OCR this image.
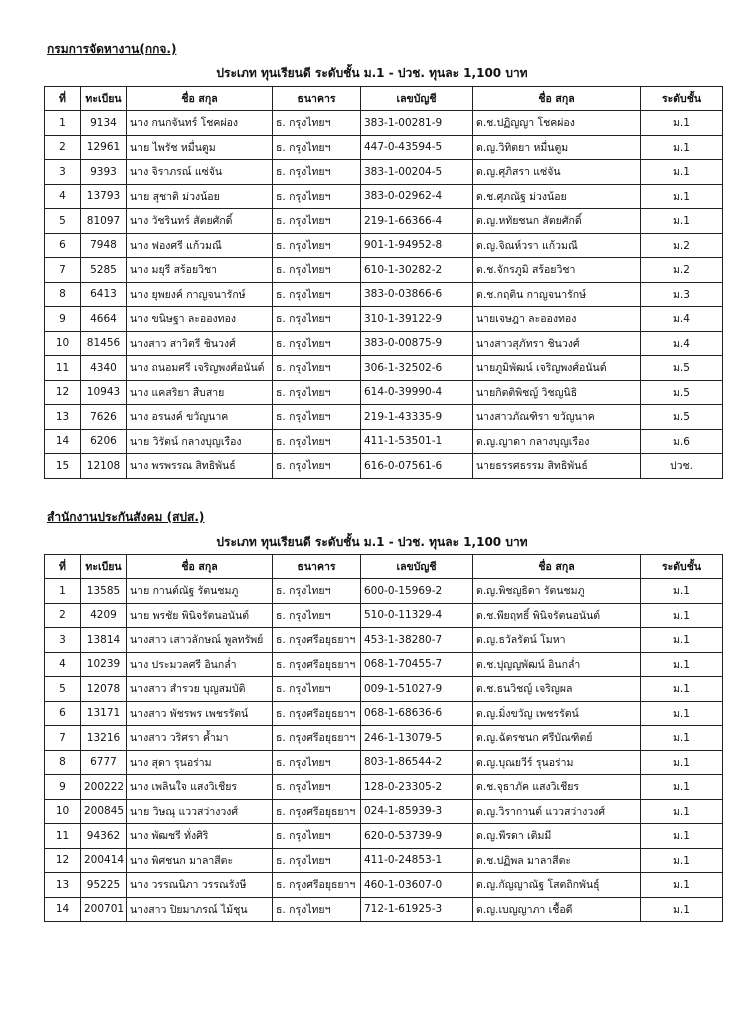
กรมการจัดหางาน(กกจ.)
ประเภท ทุนเรียนดี ระดับชั้น ม.1 - ปวช. ทุนละ 1,100 บาท
ที่	ทะเบียน	ชื่อ สกุล	ธนาคาร	เลขบัญชี	ชื่อ สกุล	ระดับชั้น
1	9134	นาง กนกจันทร์ โชคผ่อง	ธ. กรุงไทยฯ	383-1-00281-9	ด.ช.ปฏิญญา โชคผ่อง	ม.1
2	12961	นาย ไพรัช หมื่นตูม	ธ. กรุงไทยฯ	447-0-43594-5	ด.ญ.วิทิตยา หมื่นตูม	ม.1
3	9393	นาง จิราภรณ์ แซ่จัน	ธ. กรุงไทยฯ	383-1-00204-5	ด.ญ.ศุภิสรา แซ่จัน	ม.1
4	13793	นาย สุชาติ ม่วงน้อย	ธ. กรุงไทยฯ	383-0-02962-4	ด.ช.ศุภณัฐ ม่วงน้อย	ม.1
5	81097	นาง วัชรินทร์ สัตยศักดิ์	ธ. กรุงไทยฯ	219-1-66366-4	ด.ญ.หทัยชนก สัตยศักดิ์	ม.1
6	7948	นาง ฟองศรี แก้วมณี	ธ. กรุงไทยฯ	901-1-94952-8	ด.ญ.จิณห์วรา แก้วมณี	ม.2
7	5285	นาง มยุรี สร้อยวิชา	ธ. กรุงไทยฯ	610-1-30282-2	ด.ช.จักรภูมิ สร้อยวิชา	ม.2
8	6413	นาง ยุพยงค์ กาญจนารักษ์	ธ. กรุงไทยฯ	383-0-03866-6	ด.ช.กฤติน กาญจนารักษ์	ม.3
9	4664	นาง ขนิษฐา ละอองทอง	ธ. กรุงไทยฯ	310-1-39122-9	นายเจษฎา ละอองทอง	ม.4
10	81456	นางสาว สาวิตรี ชินวงศ์	ธ. กรุงไทยฯ	383-0-00875-9	นางสาวสุภัทรา ชินวงศ์	ม.4
11	4340	นาง ถนอมศรี เจริญพงศ์อนันต์	ธ. กรุงไทยฯ	306-1-32502-6	นายภูมิพัฒน์ เจริญพงศ์อนันต์	ม.5
12	10943	นาง แคสริยา สืบสาย	ธ. กรุงไทยฯ	614-0-39990-4	นายกิตติพิชญ์ วิชญนิธิ	ม.5
13	7626	นาง อรนงค์ ขวัญนาค	ธ. กรุงไทยฯ	219-1-43335-9	นางสาวภัณฑิรา ขวัญนาค	ม.5
14	6206	นาย วิรัตน์ กลางบุญเรือง	ธ. กรุงไทยฯ	411-1-53501-1	ด.ญ.ญาดา กลางบุญเรือง	ม.6
15	12108	นาง พรพรรณ สิทธิพันธ์	ธ. กรุงไทยฯ	616-0-07561-6	นายธรรศธรรม สิทธิพันธ์	ปวช.
สำนักงานประกันสังคม (สปส.)
ประเภท ทุนเรียนดี ระดับชั้น ม.1 - ปวช. ทุนละ 1,100 บาท
ที่	ทะเบียน	ชื่อ สกุล	ธนาคาร	เลขบัญชี	ชื่อ สกุล	ระดับชั้น
1	13585	นาย กานต์ณัฐ รัตนชมภู	ธ. กรุงไทยฯ	600-0-15969-2	ด.ญ.พิชญธิดา รัตนชมภู	ม.1
2	4209	นาย พรชัย พินิจรัตนอนันต์	ธ. กรุงไทยฯ	510-0-11329-4	ด.ช.พียฤทธิ์ พินิจรัตนอนันต์	ม.1
3	13814	นางสาว เสาวลักษณ์ พูลทรัพย์	ธ. กรุงศรีอยุธยาฯ	453-1-38280-7	ด.ญ.ธวัลรัตน์ โมหา	ม.1
4	10239	นาง ประมวลศรี อินกล่ำ	ธ. กรุงศรีอยุธยาฯ	068-1-70455-7	ด.ช.ปุญญพัฒน์ อินกล่ำ	ม.1
5	12078	นางสาว สำรวย บุญสมบัติ	ธ. กรุงไทยฯ	009-1-51027-9	ด.ช.ธนวิชญ์ เจริญผล	ม.1
6	13171	นางสาว พัชรพร เพชรรัตน์	ธ. กรุงศรีอยุธยาฯ	068-1-68636-6	ด.ญ.มิ่งขวัญ เพชรรัตน์	ม.1
7	13216	นางสาว วริศรา ค้ำมา	ธ. กรุงศรีอยุธยาฯ	246-1-13079-5	ด.ญ.ฉัตรชนก ศรีบัณฑิตย์	ม.1
8	6777	นาง สุดา รุนอร่าม	ธ. กรุงไทยฯ	803-1-86544-2	ด.ญ.บุณยวีร์ รุนอร่าม	ม.1
9	200222	นาง เพลินใจ แสงวิเชียร	ธ. กรุงไทยฯ	128-0-23305-2	ด.ช.จุธาภัค แสงวิเชียร	ม.1
10	200845	นาย วิษณุ แววสว่างวงศ์	ธ. กรุงศรีอยุธยาฯ	024-1-85939-3	ด.ญ.วิรากานต์ แววสว่างวงศ์	ม.1
11	94362	นาง พัฒชรี ทั่งศิริ	ธ. กรุงไทยฯ	620-0-53739-9	ด.ญ.พีรดา เติมมี	ม.1
12	200414	นาง พิศชนก มาลาสีตะ	ธ. กรุงไทยฯ	411-0-24853-1	ด.ช.ปฏิพล มาลาสีตะ	ม.1
13	95225	นาง วรรณนิภา วรรณรังษี	ธ. กรุงศรีอยุธยาฯ	460-1-03607-0	ด.ญ.กัญญาณัฐ โสตถิกพันธุ์	ม.1
14	200701	นางสาว ปิยมาภรณ์ ไม้ชุน	ธ. กรุงไทยฯ	712-1-61925-3	ด.ญ.เบญญาภา เชื้อดี	ม.1
